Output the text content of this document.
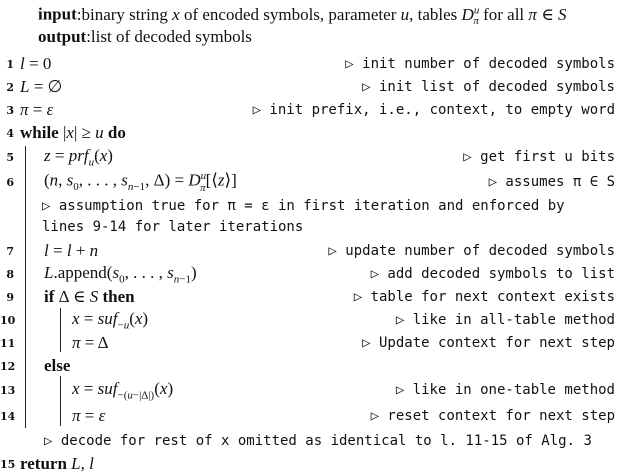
input:binary string x of encoded symbols, parameter u, tables $D^u_\pi$ for all π ∈ S
output:list of decoded symbols
1 l = 0	▷ init number of decoded symbols
2 L = ∅	▷ init list of decoded symbols
3 π = ε	▷ init prefix, i.e., context, to empty word
4 while |x| ≥ u do
5 z = prf$_u$(x)	▷ get first u bits
6 (n, $s_0$, . . . , $s_{n-1}$, $\Delta) = D^u_\pi[⟨z⟩]$	▷ assumes π ∈ S
▷ assumption true for π = ε in first iteration and enforced by
lines 9-14 for later iterations
7 l = l + n	▷ update number of decoded symbols
8 $L.append(s_0$, . . . , $s_{n-1}$)	▷ add decoded symbols to list
9 if Δ ∈ S then	▷ table for next context exists
10	x = suf$_{-u}$(x)	▷ like in all-table method
11	π = Δ	▷ Update context for next step
12 else
13	x = suf$_{-(u-|\Delta|)}$(x)	▷ like in one-table method
14	π = ε	▷ reset context for next step
▷ decode for rest of x omitted as identical to l. 11-15 of Alg. 3
15 return L, l
